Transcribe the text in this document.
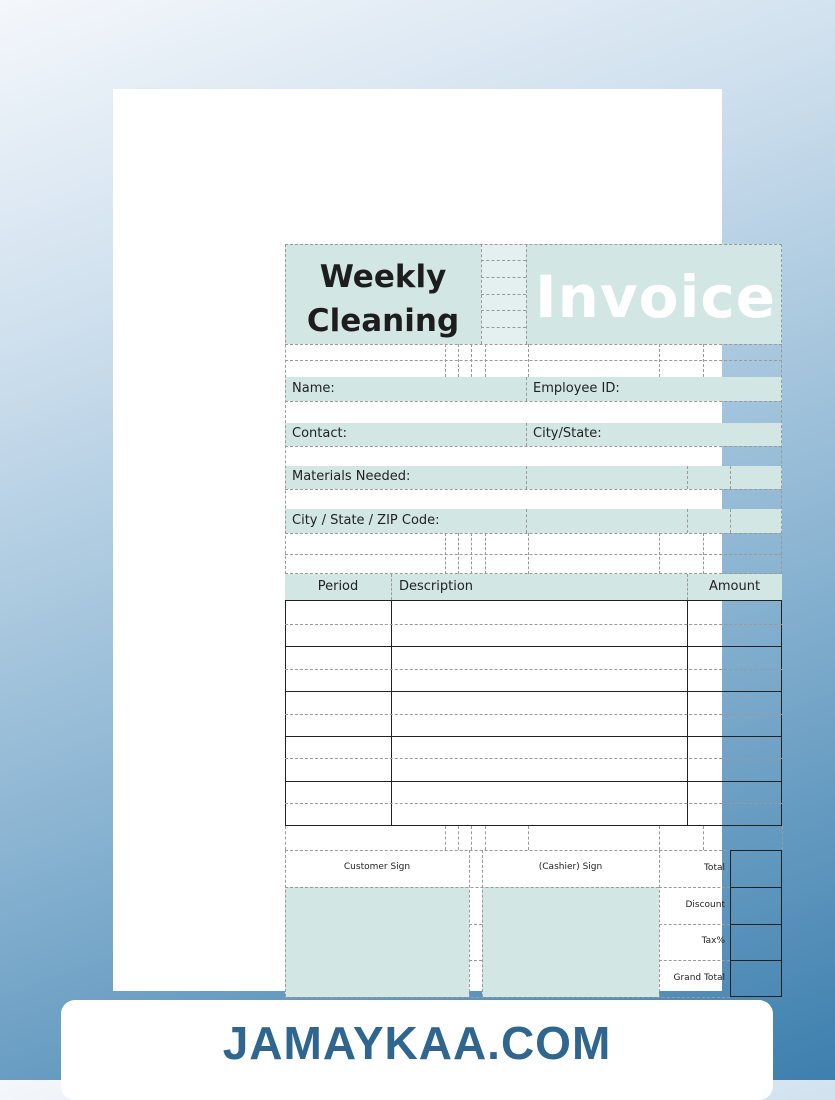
Weekly
Cleaning	Invoice
Name:	Employee ID:
Contact:	City/State:
Materials Needed:
City / State / ZIP Code:
Period	Description	Amount
Customer Sign	(Cashier) Sign	Total
Discount
Tax%
Grand Total
JAMAYKAA.COM
